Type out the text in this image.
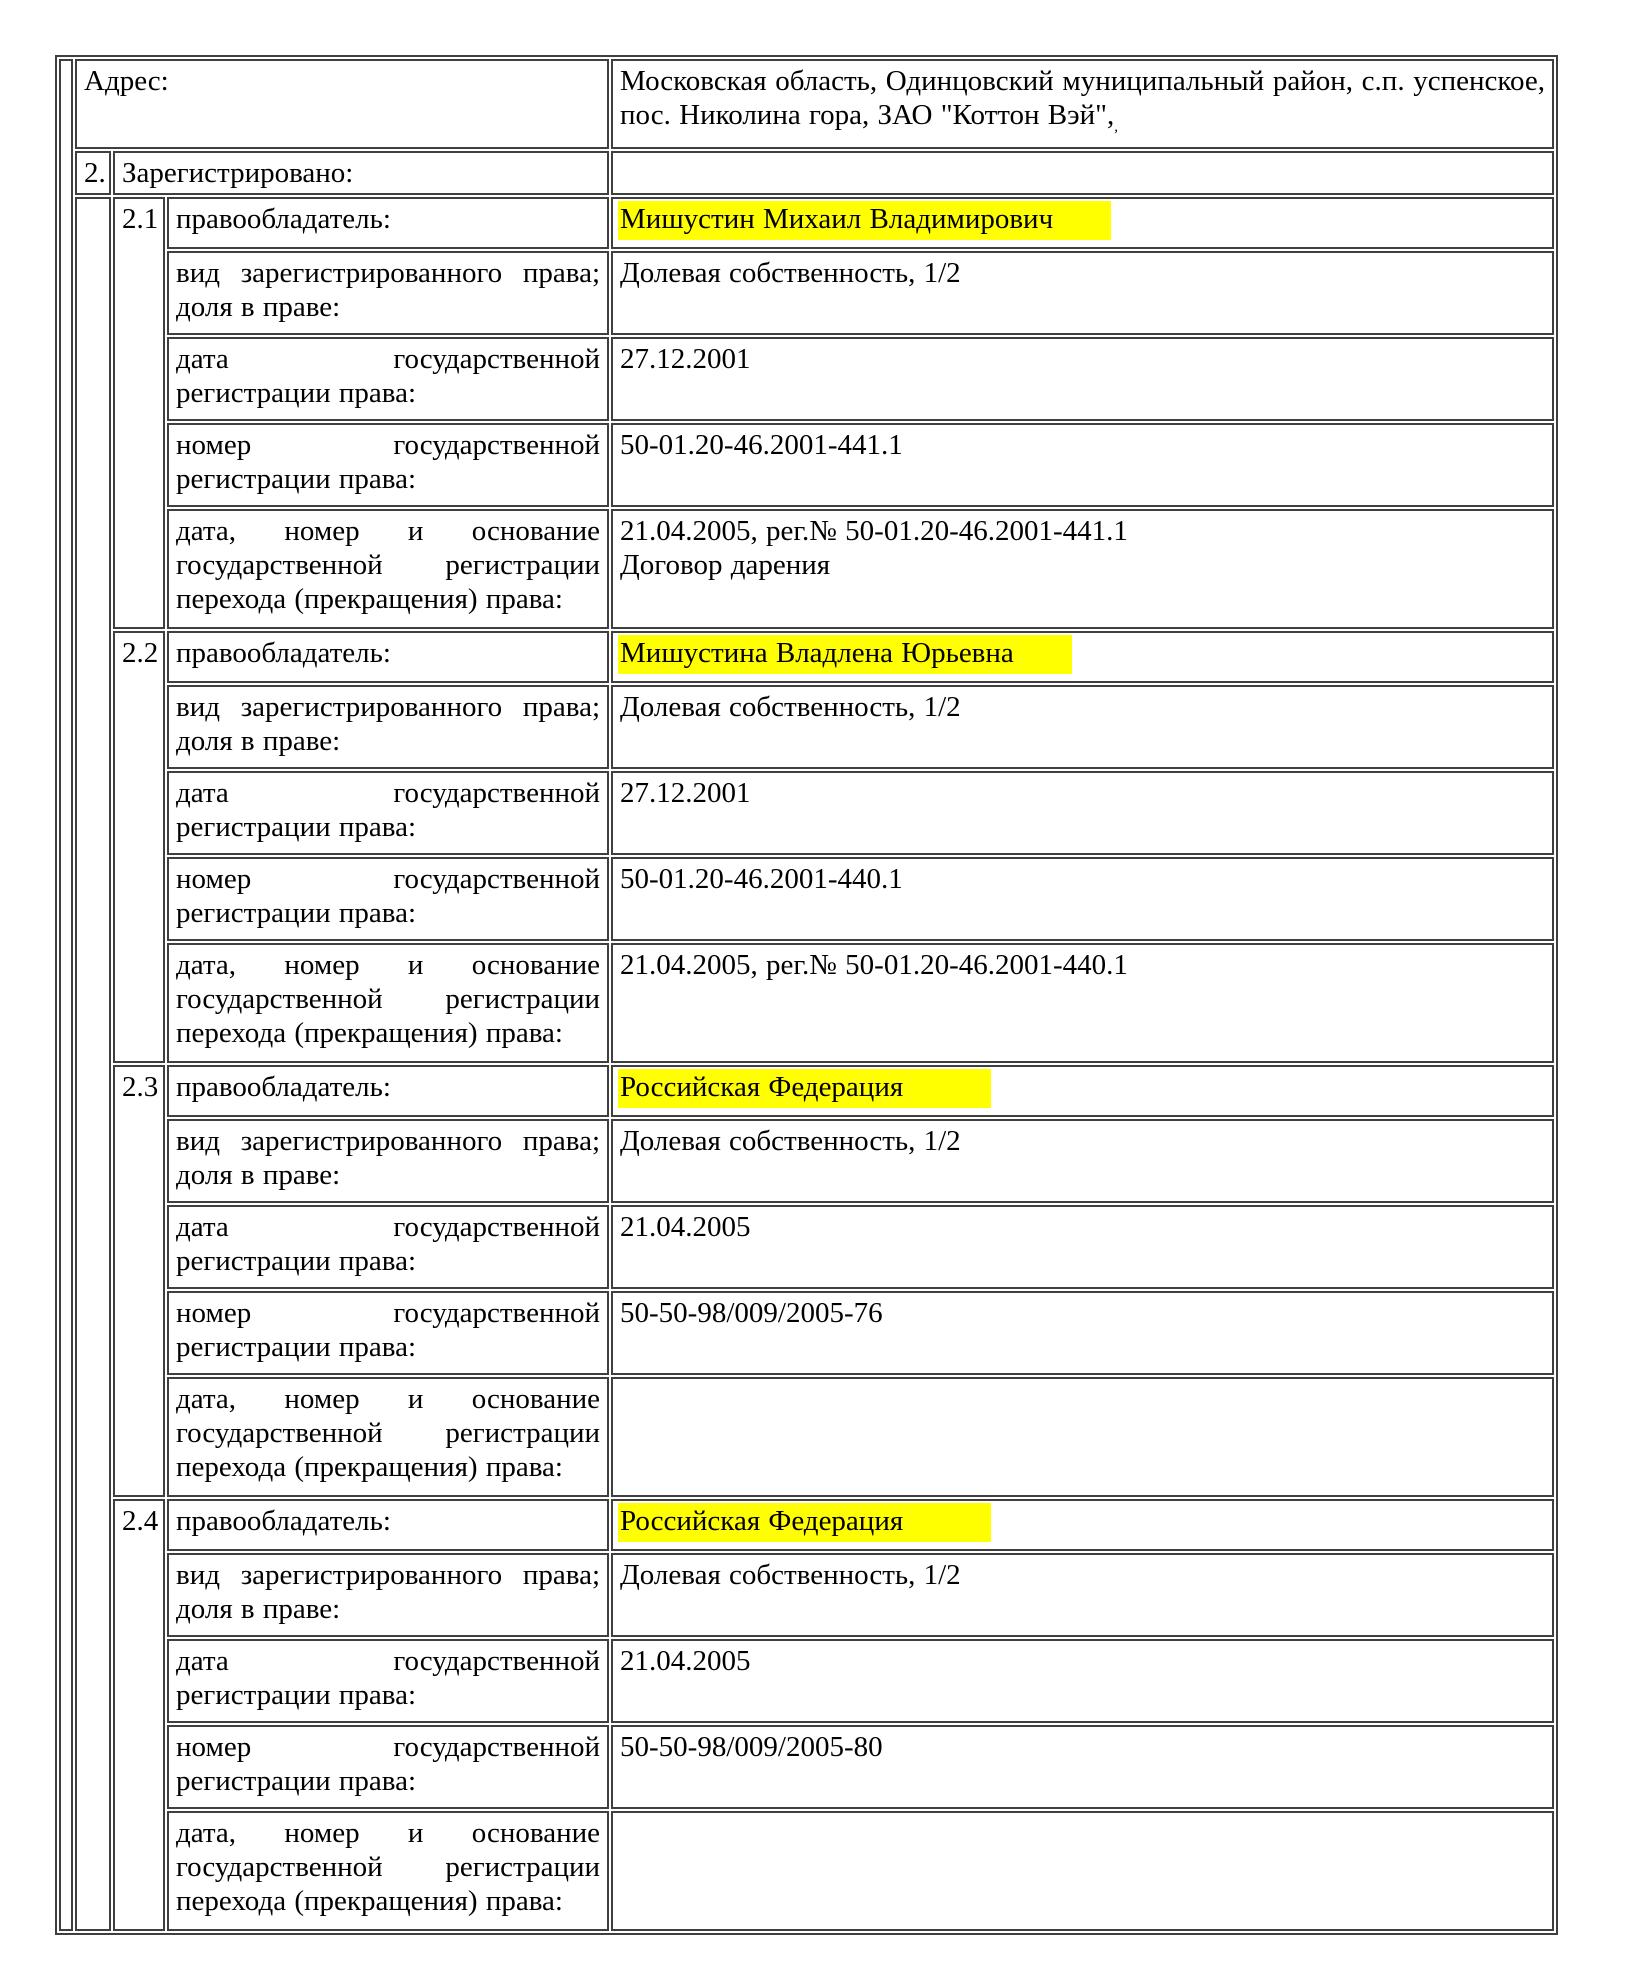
	Адрес:			Московская область, Одинцовский муниципальный район, с.п. успенское, пос. Николина гора, ЗАО "Коттон $Вэй",_,$
	2.	Зарегистрировано:		
		2.1	правообладатель:	Мишустин Михаил Владимирович
			вид зарегистрированного права; доля в праве:	Долевая собственность, 1/2
			дата государственной регистрации права:	27.12.2001
			номер государственной регистрации права:	50-01.20-46.2001-441.1
			дата, номер и основание государственной регистрации перехода (прекращения) права:	21.04.2005, рег.№ 50-01.20-46.2001-441.1
Договор дарения

		2.2	правообладатель:	Мишустина Владлена Юрьевна
			вид зарегистрированного права; доля в праве:	Долевая собственность, 1/2
			дата государственной регистрации права:	27.12.2001
			номер государственной регистрации права:	50-01.20-46.2001-440.1
			дата, номер и основание государственной регистрации перехода (прекращения) права:	21.04.2005, рег.№ 50-01.20-46.2001-440.1

		2.3	правообладатель:	Российская Федерация
			вид зарегистрированного права; доля в праве:	Долевая собственность, 1/2
			дата государственной регистрации права:	21.04.2005
			номер государственной регистрации права:	50-50-98/009/2005-76
			дата, номер и основание государственной регистрации перехода (прекращения) права:	

		2.4	правообладатель:	Российская Федерация
			вид зарегистрированного права; доля в праве:	Долевая собственность, 1/2
			дата государственной регистрации права:	21.04.2005
			номер государственной регистрации права:	50-50-98/009/2005-80
			дата, номер и основание государственной регистрации перехода (прекращения) права:	
